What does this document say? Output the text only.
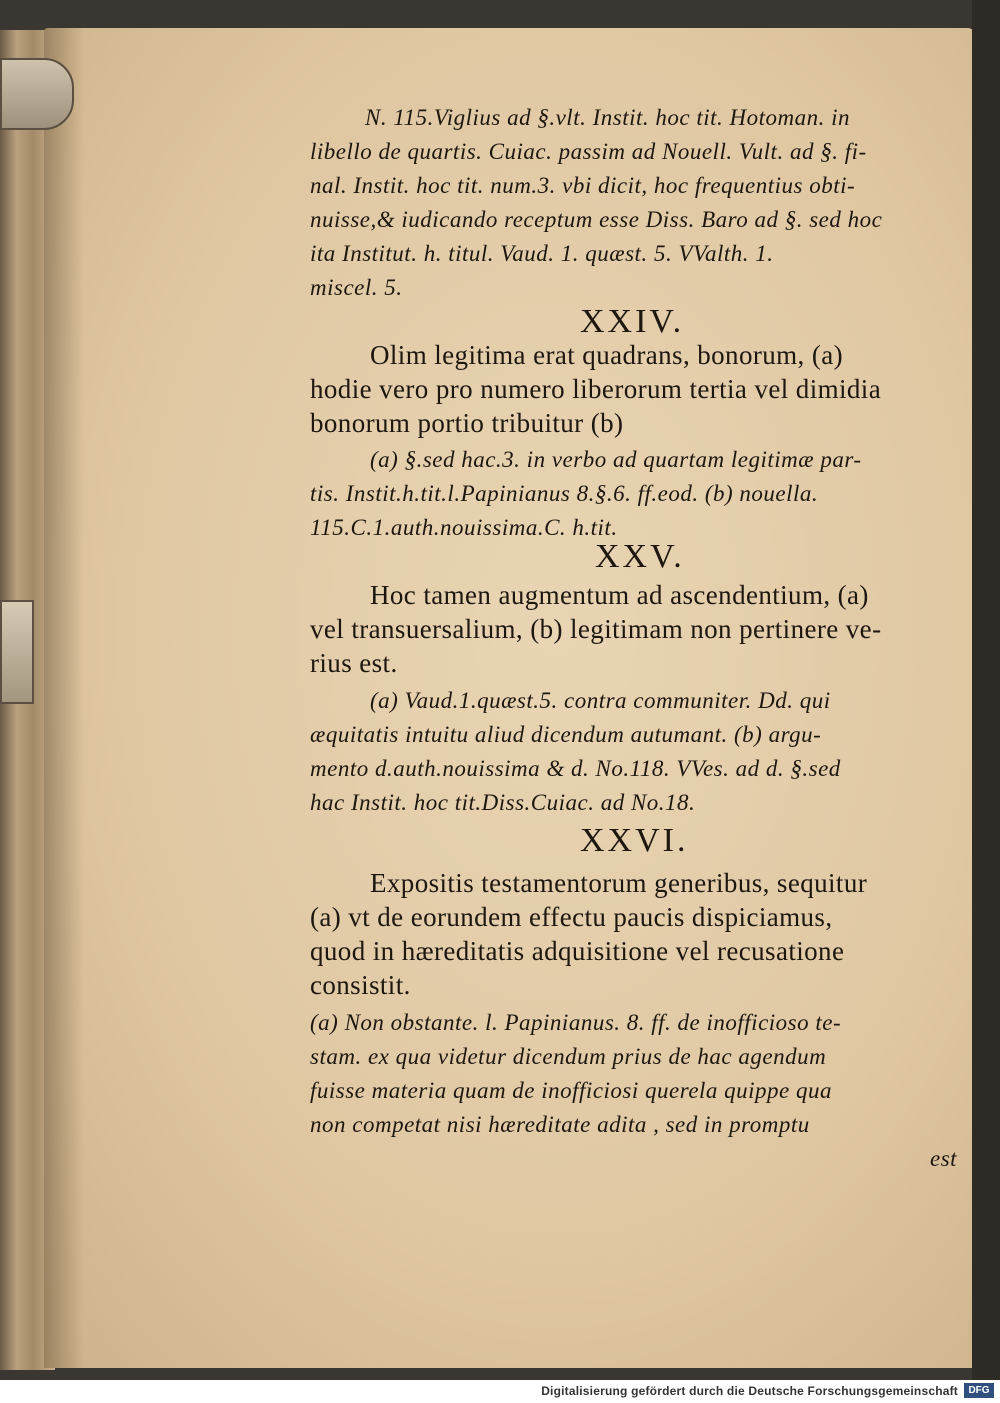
N. 115.Viglius ad §.vlt. Instit. hoc tit. Hotoman. in
libello de quartis. Cuiac. passim ad Nouell. Vult. ad §. fi-
nal. Instit. hoc tit. num.3. vbi dicit, hoc frequentius obti-
nuisse,& iudicando receptum esse Diss. Baro ad §. sed hoc
ita Institut. h. titul. Vaud. 1. quæst. 5. VValth. 1.
miscel. 5.
XXIV.
Olim legitima erat quadrans, bonorum, (a)
hodie vero pro numero liberorum tertia vel dimidia
bonorum portio tribuitur (b)
(a) §.sed hac.3. in verbo ad quartam legitimæ par-
tis. Instit.h.tit.l.Papinianus 8.§.6. ff.eod. (b) nouella.
115.C.1.auth.nouissima.C. h.tit.
XXV.
Hoc tamen augmentum ad ascendentium, (a)
vel transuersalium, (b) legitimam non pertinere ve-
rius est.
(a) Vaud.1.quæst.5. contra communiter. Dd. qui
æquitatis intuitu aliud dicendum autumant. (b) argu-
mento d.auth.nouissima & d. No.118. VVes. ad d. §.sed
hac Instit. hoc tit.Diss.Cuiac. ad No.18.
XXVI.
Expositis testamentorum generibus, sequitur
(a) vt de eorundem effectu paucis dispiciamus,
quod in hæreditatis adquisitione vel recusatione
consistit.
(a) Non obstante. l. Papinianus. 8. ff. de inofficioso te-
stam. ex qua videtur dicendum prius de hac agendum
fuisse materia quam de inofficiosi querela quippe qua
non competat nisi hæreditate adita , sed in promptu
est
Digitalisierung gefördert durch die Deutsche Forschungsgemeinschaft	DFG
